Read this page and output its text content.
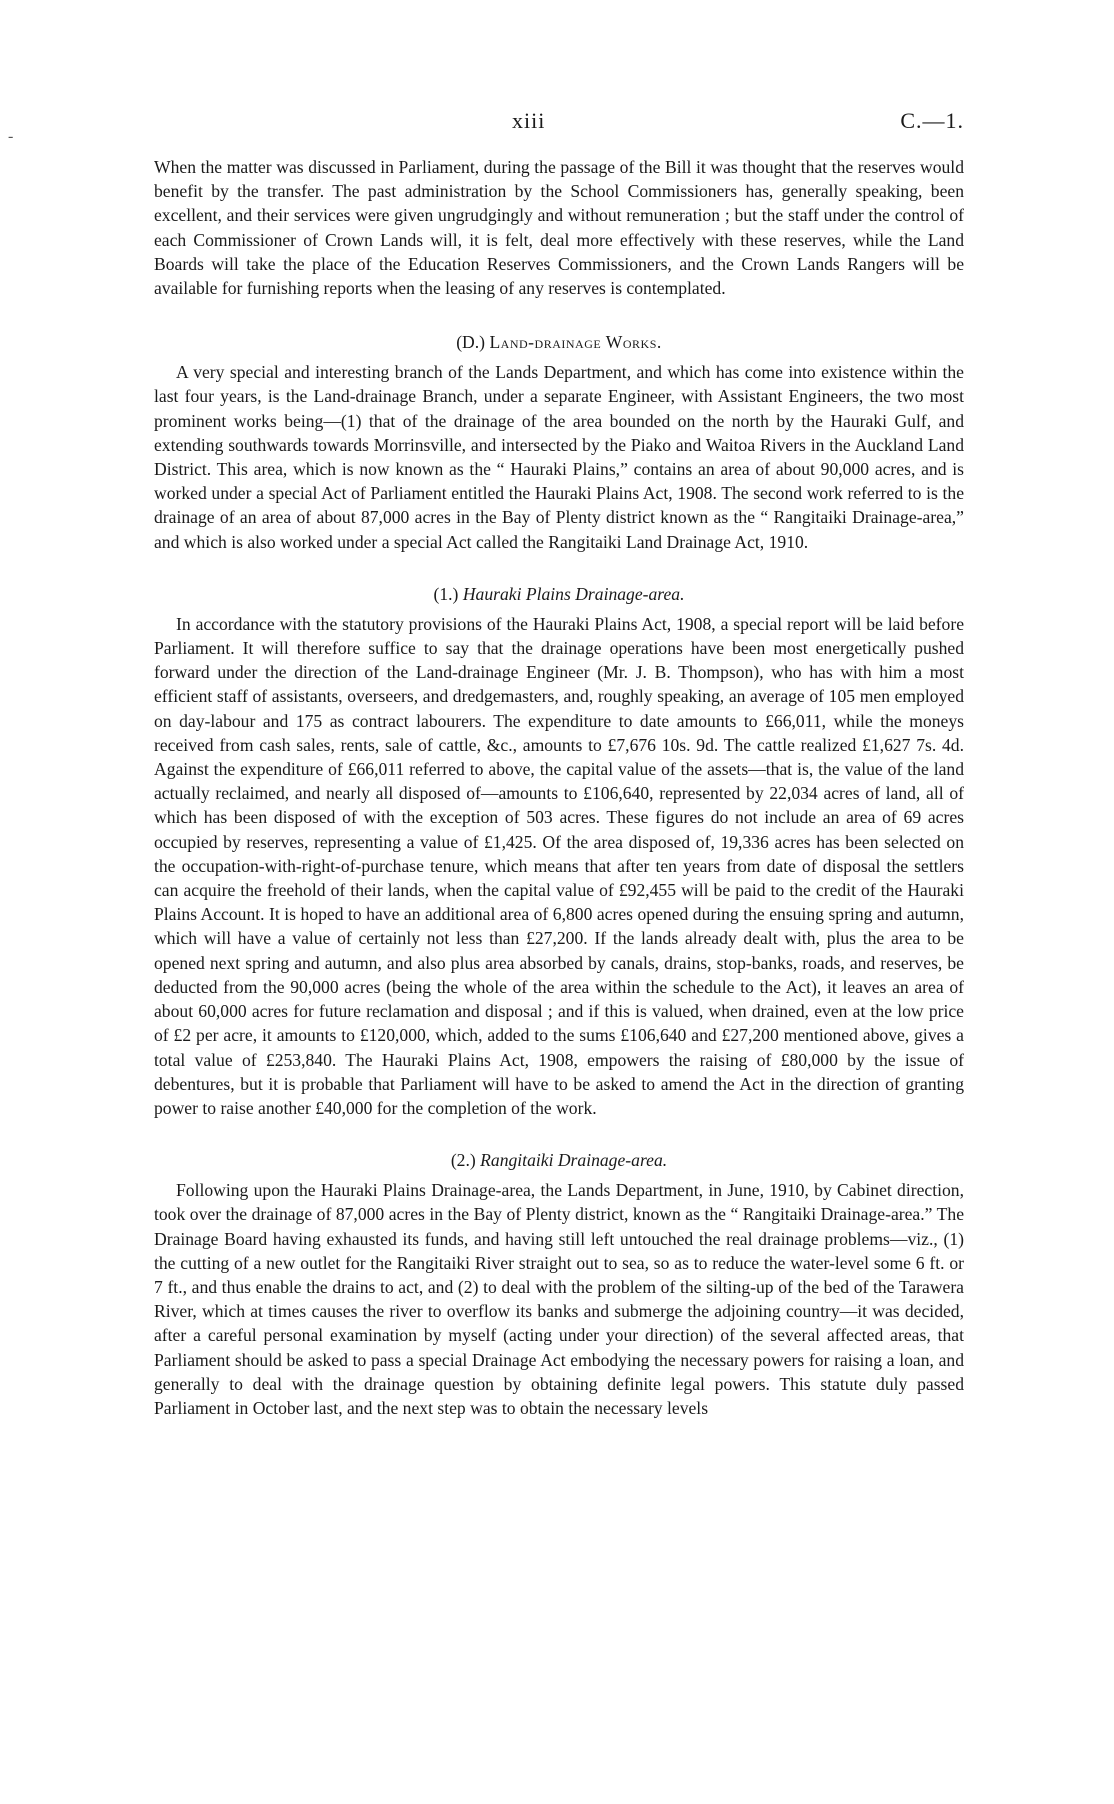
xiii	C.—1.
-

When the matter was discussed in Parliament, during the passage of the Bill it was thought that the reserves would benefit by the transfer. The past administration by the School Commissioners has, generally speaking, been excellent, and their services were given ungrudgingly and without remuneration ; but the staff under the control of each Commissioner of Crown Lands will, it is felt, deal more effectively with these reserves, while the Land Boards will take the place of the Education Reserves Commissioners, and the Crown Lands Rangers will be available for furnishing reports when the leasing of any reserves is contemplated.

(D.) Land-drainage Works.

A very special and interesting branch of the Lands Department, and which has come into existence within the last four years, is the Land-drainage Branch, under a separate Engineer, with Assistant Engineers, the two most prominent works being—(1) that of the drainage of the area bounded on the north by the Hauraki Gulf, and extending southwards towards Morrinsville, and intersected by the Piako and Waitoa Rivers in the Auckland Land District. This area, which is now known as the “ Hauraki Plains,” contains an area of about 90,000 acres, and is worked under a special Act of Parliament entitled the Hauraki Plains Act, 1908. The second work referred to is the drainage of an area of about 87,000 acres in the Bay of Plenty district known as the “ Rangitaiki Drainage-area,” and which is also worked under a special Act called the Rangitaiki Land Drainage Act, 1910.

(1.) Hauraki Plains Drainage-area.

In accordance with the statutory provisions of the Hauraki Plains Act, 1908, a special report will be laid before Parliament. It will therefore suffice to say that the drainage operations have been most energetically pushed forward under the direction of the Land-drainage Engineer (Mr. J. B. Thompson), who has with him a most efficient staff of assistants, overseers, and dredgemasters, and, roughly speaking, an average of 105 men employed on day-labour and 175 as contract labourers. The expenditure to date amounts to £66,011, while the moneys received from cash sales, rents, sale of cattle, &c., amounts to £7,676 10s. 9d. The cattle realized £1,627 7s. 4d. Against the expenditure of £66,011 referred to above, the capital value of the assets—that is, the value of the land actually reclaimed, and nearly all disposed of—amounts to £106,640, represented by 22,034 acres of land, all of which has been disposed of with the exception of 503 acres. These figures do not include an area of 69 acres occupied by reserves, representing a value of £1,425. Of the area disposed of, 19,336 acres has been selected on the occupation-with-right-of-purchase tenure, which means that after ten years from date of disposal the settlers can acquire the freehold of their lands, when the capital value of £92,455 will be paid to the credit of the Hauraki Plains Account. It is hoped to have an additional area of 6,800 acres opened during the ensuing spring and autumn, which will have a value of certainly not less than £27,200. If the lands already dealt with, plus the area to be opened next spring and autumn, and also plus area absorbed by canals, drains, stop-banks, roads, and reserves, be deducted from the 90,000 acres (being the whole of the area within the schedule to the Act), it leaves an area of about 60,000 acres for future reclamation and disposal ; and if this is valued, when drained, even at the low price of £2 per acre, it amounts to £120,000, which, added to the sums £106,640 and £27,200 mentioned above, gives a total value of £253,840. The Hauraki Plains Act, 1908, empowers the raising of £80,000 by the issue of debentures, but it is probable that Parliament will have to be asked to amend the Act in the direction of granting power to raise another £40,000 for the completion of the work.

(2.) Rangitaiki Drainage-area.

Following upon the Hauraki Plains Drainage-area, the Lands Department, in June, 1910, by Cabinet direction, took over the drainage of 87,000 acres in the Bay of Plenty district, known as the “ Rangitaiki Drainage-area.” The Drainage Board having exhausted its funds, and having still left untouched the real drainage problems—viz., (1) the cutting of a new outlet for the Rangitaiki River straight out to sea, so as to reduce the water-level some 6 ft. or 7 ft., and thus enable the drains to act, and (2) to deal with the problem of the silting-up of the bed of the Tarawera River, which at times causes the river to overflow its banks and submerge the adjoining country—it was decided, after a careful personal examination by myself (acting under your direction) of the several affected areas, that Parliament should be asked to pass a special Drainage Act embodying the necessary powers for raising a loan, and generally to deal with the drainage question by obtaining definite legal powers. This statute duly passed Parliament in October last, and the next step was to obtain the necessary levels
